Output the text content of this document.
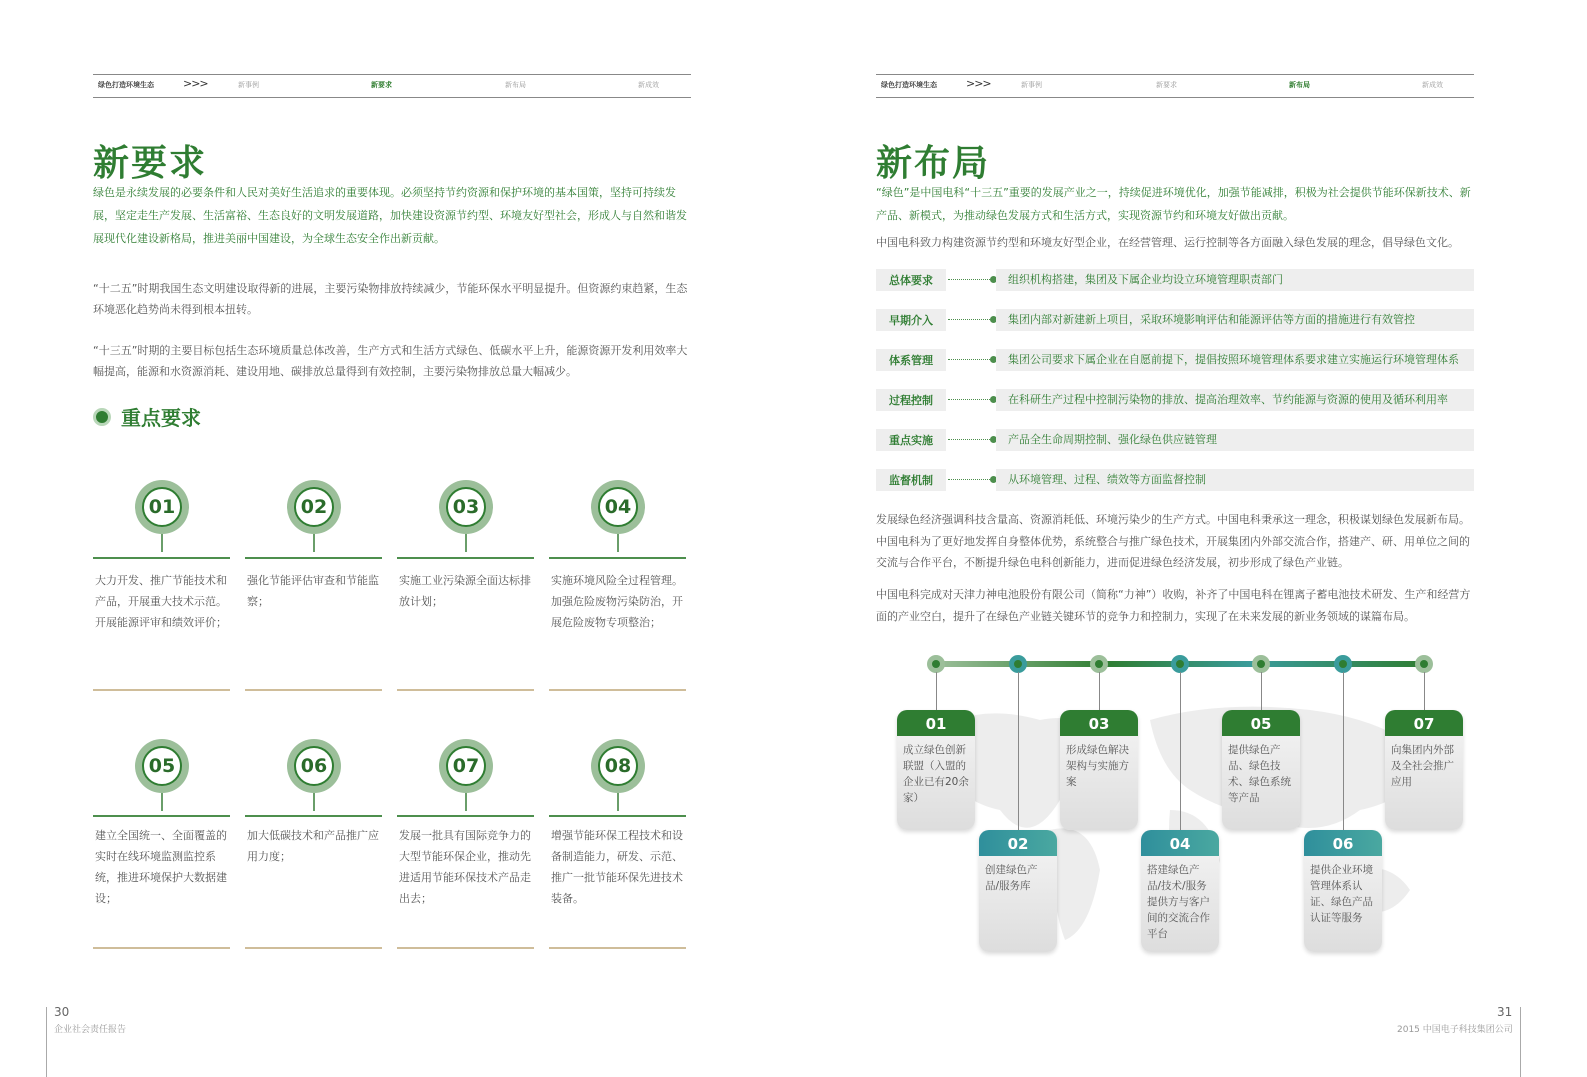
绿色打造环境生态	>>>	新事例	新要求	新布局	新成效
新要求
绿色是永续发展的必要条件和人民对美好生活追求的重要体现。必须坚持节约资源和保护环境的基本国策，坚持可持续发展，坚定走生产发展、生活富裕、生态良好的文明发展道路，加快建设资源节约型、环境友好型社会，形成人与自然和谐发展现代化建设新格局，推进美丽中国建设，为全球生态安全作出新贡献。
“十二五”时期我国生态文明建设取得新的进展，主要污染物排放持续减少，节能环保水平明显提升。但资源约束趋紧，生态环境恶化趋势尚未得到根本扭转。
“十三五”时期的主要目标包括生态环境质量总体改善，生产方式和生活方式绿色、低碳水平上升，能源资源开发利用效率大幅提高，能源和水资源消耗、建设用地、碳排放总量得到有效控制，主要污染物排放总量大幅减少。
重点要求
01
大力开发、推广节能技术和产品，开展重大技术示范。开展能源评审和绩效评价；
02
强化节能评估审查和节能监察；
03
实施工业污染源全面达标排放计划；
04
实施环境风险全过程管理。加强危险废物污染防治，开展危险废物专项整治；
05
建立全国统一、全面覆盖的实时在线环境监测监控系统，推进环境保护大数据建设；
06
加大低碳技术和产品推广应用力度；
07
发展一批具有国际竞争力的大型节能环保企业，推动先进适用节能环保技术产品走出去；
08
增强节能环保工程技术和设备制造能力，研发、示范、推广一批节能环保先进技术装备。
30
企业社会责任报告
绿色打造环境生态	>>>	新事例	新要求	新布局	新成效
新布局
“绿色”是中国电科“十三五”重要的发展产业之一，持续促进环境优化，加强节能减排，积极为社会提供节能环保新技术、新产品、新模式，为推动绿色发展方式和生活方式，实现资源节约和环境友好做出贡献。
中国电科致力构建资源节约型和环境友好型企业，在经营管理、运行控制等各方面融入绿色发展的理念，倡导绿色文化。
总体要求	组织机构搭建，集团及下属企业均设立环境管理职责部门
早期介入	集团内部对新建新上项目，采取环境影响评估和能源评估等方面的措施进行有效管控
体系管理	集团公司要求下属企业在自愿前提下，提倡按照环境管理体系要求建立实施运行环境管理体系
过程控制	在科研生产过程中控制污染物的排放、提高治理效率、节约能源与资源的使用及循环利用率
重点实施	产品全生命周期控制、强化绿色供应链管理
监督机制	从环境管理、过程、绩效等方面监督控制
发展绿色经济强调科技含量高、资源消耗低、环境污染少的生产方式。中国电科秉承这一理念，积极谋划绿色发展新布局。中国电科为了更好地发挥自身整体优势，系统整合与推广绿色技术，开展集团内外部交流合作，搭建产、研、用单位之间的交流与合作平台，不断提升绿色电科创新能力，进而促进绿色经济发展，初步形成了绿色产业链。
中国电科完成对天津力神电池股份有限公司（简称“力神”）收购，补齐了中国电科在锂离子蓄电池技术研发、生产和经营方面的产业空白，提升了在绿色产业链关键环节的竞争力和控制力，实现了在未来发展的新业务领域的谋篇布局。
01
成立绿色创新联盟（入盟的企业已有20余家）
02
创建绿色产品/服务库
03
形成绿色解决架构与实施方案
04
搭建绿色产品/技术/服务提供方与客户间的交流合作平台
05
提供绿色产品、绿色技术、绿色系统等产品
06
提供企业环境管理体系认证、绿色产品认证等服务
07
向集团内外部及全社会推广应用
31
2015 中国电子科技集团公司
